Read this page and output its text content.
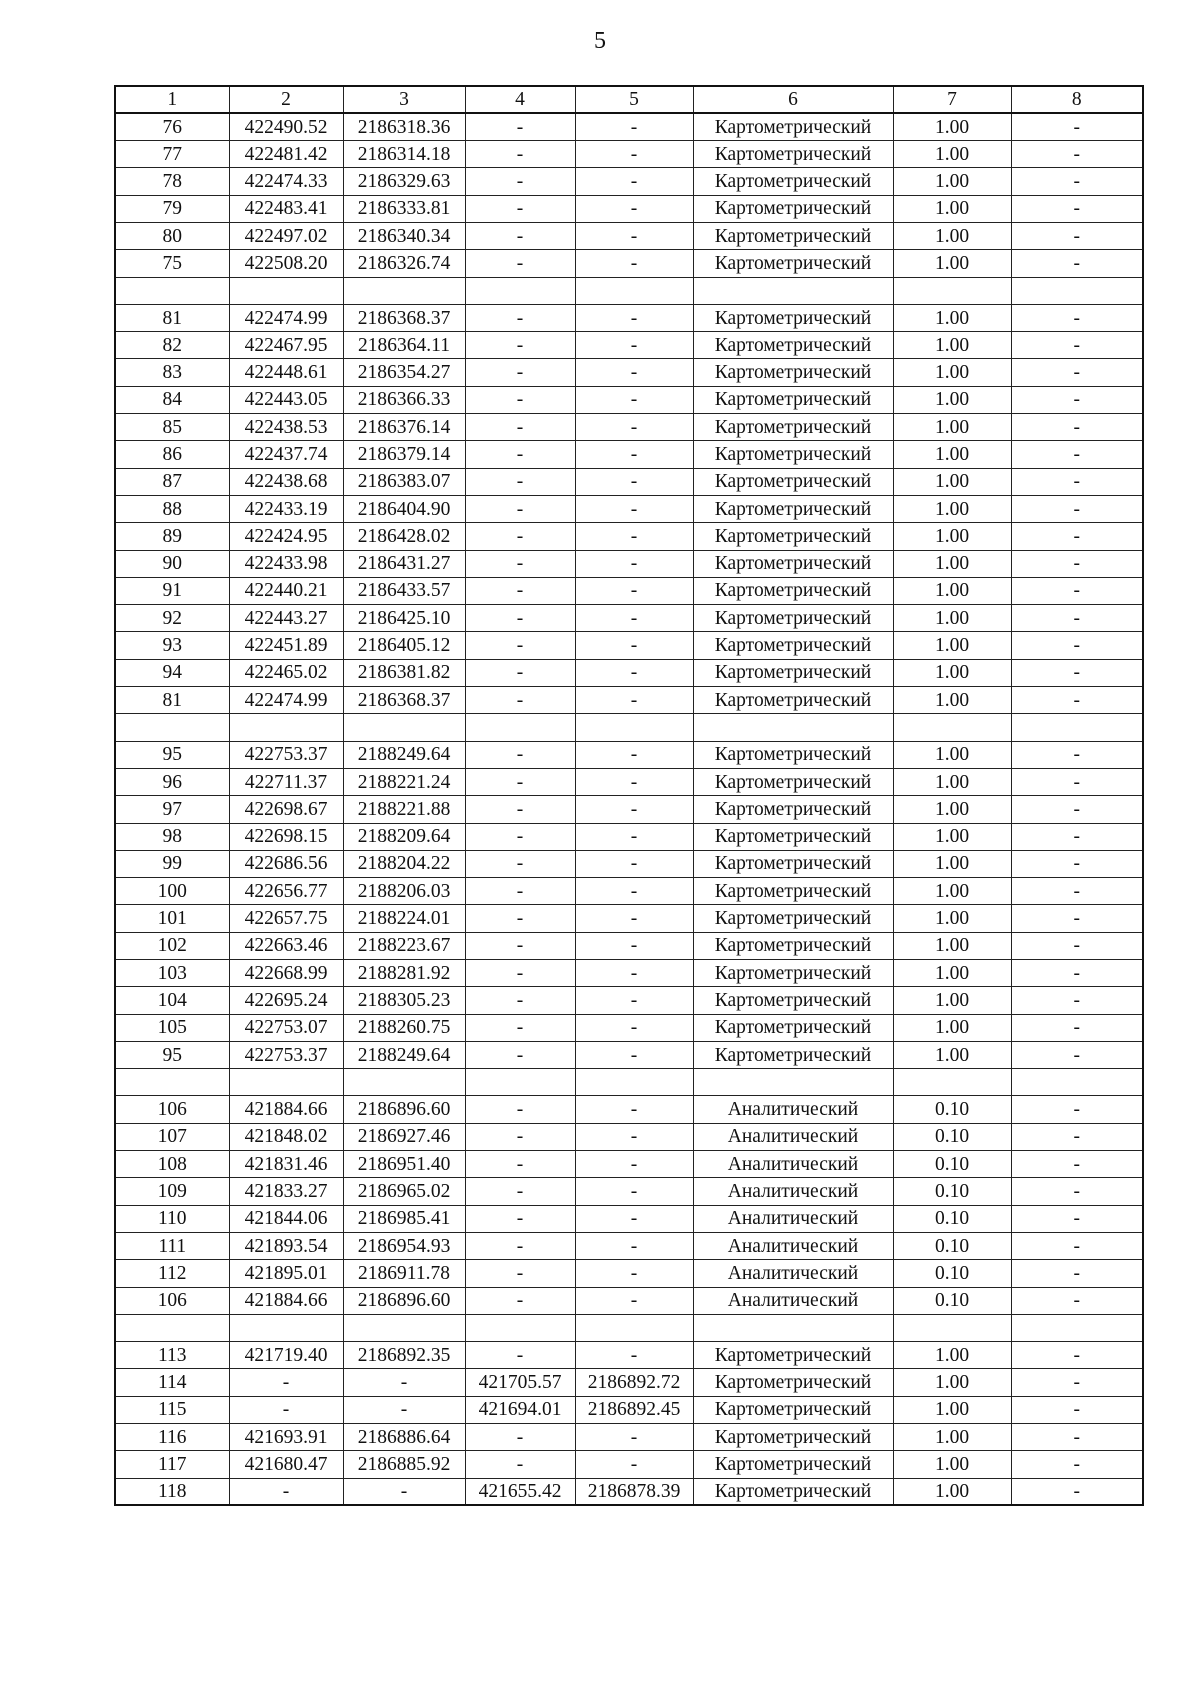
5
1	2	3	4	5	6	7	8
76	422490.52	2186318.36	-	-	Картометрический	1.00	-
77	422481.42	2186314.18	-	-	Картометрический	1.00	-
78	422474.33	2186329.63	-	-	Картометрический	1.00	-
79	422483.41	2186333.81	-	-	Картометрический	1.00	-
80	422497.02	2186340.34	-	-	Картометрический	1.00	-
75	422508.20	2186326.74	-	-	Картометрический	1.00	-

81	422474.99	2186368.37	-	-	Картометрический	1.00	-
82	422467.95	2186364.11	-	-	Картометрический	1.00	-
83	422448.61	2186354.27	-	-	Картометрический	1.00	-
84	422443.05	2186366.33	-	-	Картометрический	1.00	-
85	422438.53	2186376.14	-	-	Картометрический	1.00	-
86	422437.74	2186379.14	-	-	Картометрический	1.00	-
87	422438.68	2186383.07	-	-	Картометрический	1.00	-
88	422433.19	2186404.90	-	-	Картометрический	1.00	-
89	422424.95	2186428.02	-	-	Картометрический	1.00	-
90	422433.98	2186431.27	-	-	Картометрический	1.00	-
91	422440.21	2186433.57	-	-	Картометрический	1.00	-
92	422443.27	2186425.10	-	-	Картометрический	1.00	-
93	422451.89	2186405.12	-	-	Картометрический	1.00	-
94	422465.02	2186381.82	-	-	Картометрический	1.00	-
81	422474.99	2186368.37	-	-	Картометрический	1.00	-

95	422753.37	2188249.64	-	-	Картометрический	1.00	-
96	422711.37	2188221.24	-	-	Картометрический	1.00	-
97	422698.67	2188221.88	-	-	Картометрический	1.00	-
98	422698.15	2188209.64	-	-	Картометрический	1.00	-
99	422686.56	2188204.22	-	-	Картометрический	1.00	-
100	422656.77	2188206.03	-	-	Картометрический	1.00	-
101	422657.75	2188224.01	-	-	Картометрический	1.00	-
102	422663.46	2188223.67	-	-	Картометрический	1.00	-
103	422668.99	2188281.92	-	-	Картометрический	1.00	-
104	422695.24	2188305.23	-	-	Картометрический	1.00	-
105	422753.07	2188260.75	-	-	Картометрический	1.00	-
95	422753.37	2188249.64	-	-	Картометрический	1.00	-

106	421884.66	2186896.60	-	-	Аналитический	0.10	-
107	421848.02	2186927.46	-	-	Аналитический	0.10	-
108	421831.46	2186951.40	-	-	Аналитический	0.10	-
109	421833.27	2186965.02	-	-	Аналитический	0.10	-
110	421844.06	2186985.41	-	-	Аналитический	0.10	-
111	421893.54	2186954.93	-	-	Аналитический	0.10	-
112	421895.01	2186911.78	-	-	Аналитический	0.10	-
106	421884.66	2186896.60	-	-	Аналитический	0.10	-

113	421719.40	2186892.35	-	-	Картометрический	1.00	-
114	-	-	421705.57	2186892.72	Картометрический	1.00	-
115	-	-	421694.01	2186892.45	Картометрический	1.00	-
116	421693.91	2186886.64	-	-	Картометрический	1.00	-
117	421680.47	2186885.92	-	-	Картометрический	1.00	-
118	-	-	421655.42	2186878.39	Картометрический	1.00	-
